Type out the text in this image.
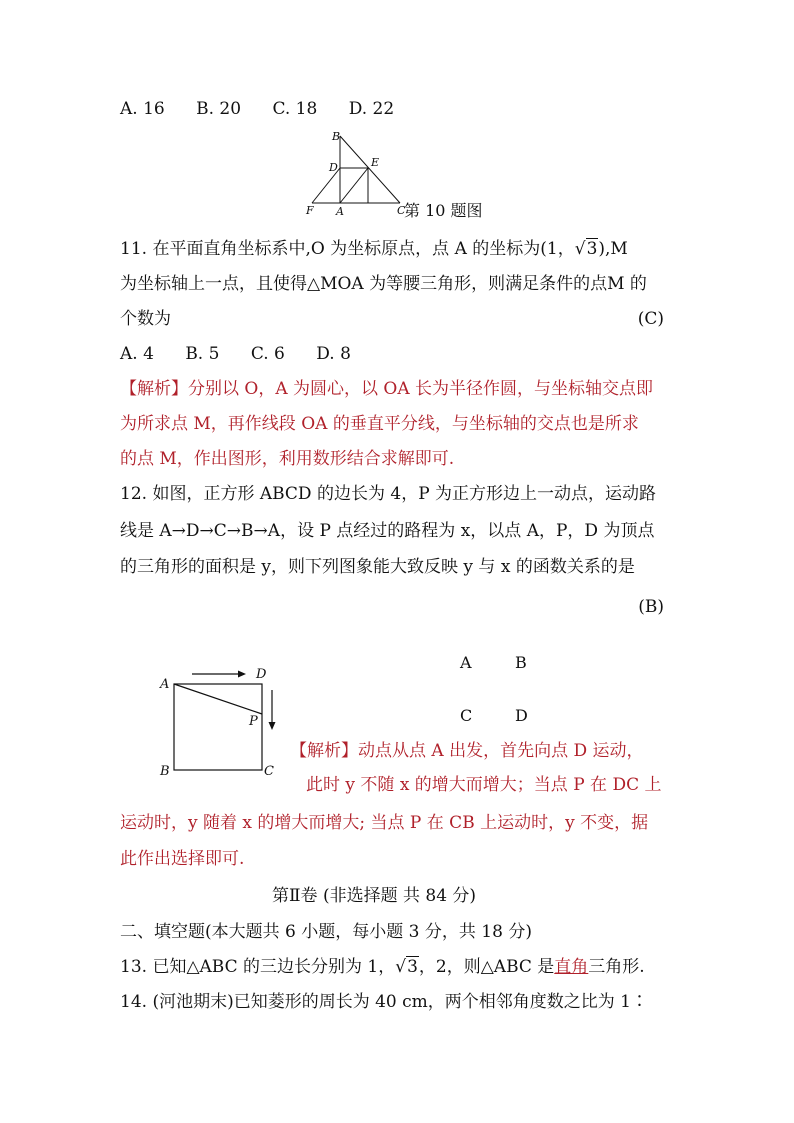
A. 16 B. 20 C. 18 D. 22
B
D	E
F A	C
第 10 题图
11. 在平面直角坐标系中,O 为坐标原点，点 A 的坐标为(1，√3),M
为坐标轴上一点，且使得△MOA 为等腰三角形，则满足条件的点M 的
个数为	(C)
A. 4 B. 5 C. 6 D. 8
【解析】分别以 O，A 为圆心，以 OA 长为半径作圆，与坐标轴交点即
为所求点 M，再作线段 OA 的垂直平分线，与坐标轴的交点也是所求
的点 M，作出图形，利用数形结合求解即可.
12. 如图，正方形 ABCD 的边长为 4，P 为正方形边上一动点，运动路
线是 A→D→C→B→A，设 P 点经过的路程为 x，以点 A，P，D 为顶点
的三角形的面积是 y，则下列图象能大致反映 y 与 x 的函数关系的是
(B)
A
D
P
B	C
A	B
C	D
【解析】动点从点 A 出发，首先向点 D 运动，
此时 y 不随 x 的增大而增大；当点 P 在 DC 上
运动时，y 随着 x 的增大而增大; 当点 P 在 CB 上运动时，y 不变，据
此作出选择即可.
第Ⅱ卷 (非选择题 共 84 分)
二、填空题(本大题共 6 小题，每小题 3 分，共 18 分)
13. 已知△ABC 的三边长分别为 1，√3，2，则△ABC 是直角三角形.
14. (河池期末)已知菱形的周长为 40 cm，两个相邻角度数之比为 1∶
